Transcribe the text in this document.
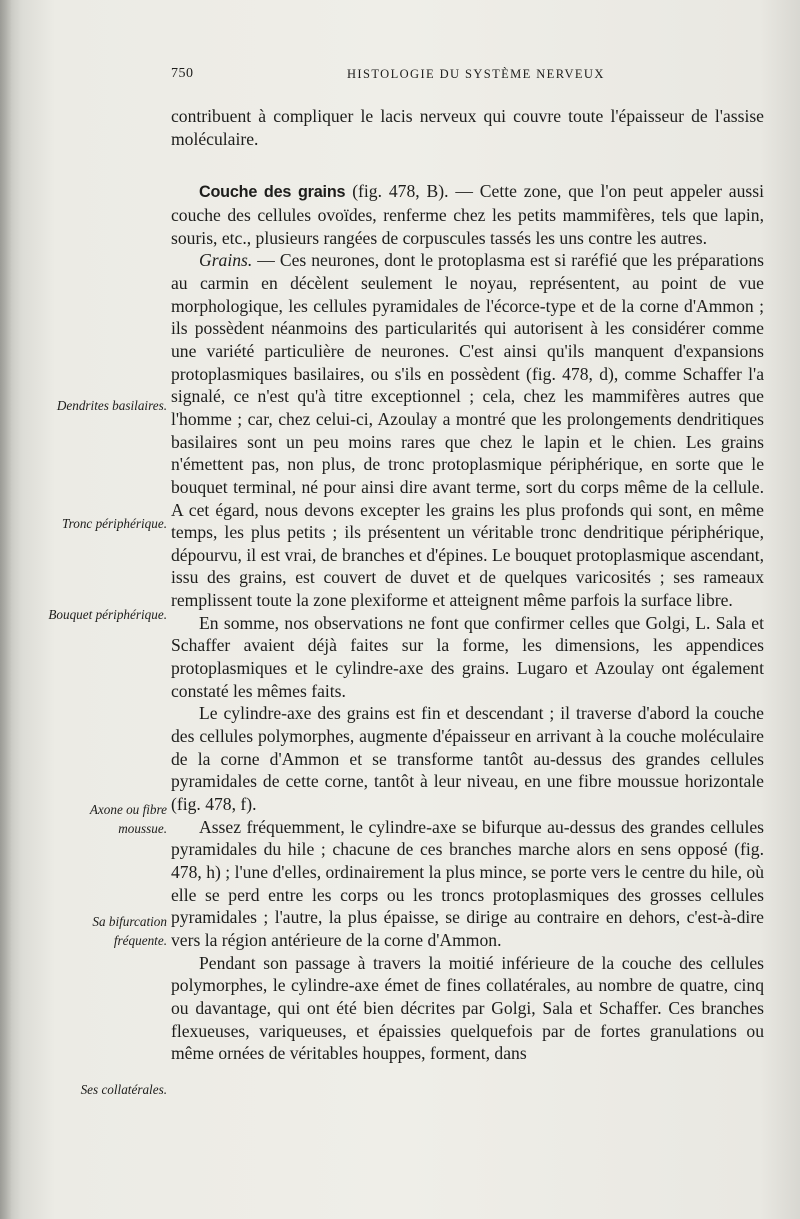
750	HISTOLOGIE DU SYSTÈME NERVEUX

contribuent à compliquer le lacis nerveux qui couvre toute l'épaisseur de l'assise moléculaire.

Couche des grains (fig. 478, B). — Cette zone, que l'on peut appeler aussi couche des cellules ovoïdes, renferme chez les petits mammifères, tels que lapin, souris, etc., plusieurs rangées de corpuscules tassés les uns contre les autres.

Grains. — Ces neurones, dont le protoplasma est si raréfié que les préparations au carmin en décèlent seulement le noyau, représentent, au point de vue morphologique, les cellules pyramidales de l'écorce-type et de la corne d'Ammon ; ils possèdent néanmoins des particularités qui autorisent à les considérer comme une variété particulière de neurones. C'est ainsi qu'ils manquent d'expansions protoplasmiques basilaires, ou s'ils en possèdent (fig. 478, d), comme Schaffer l'a signalé, ce n'est qu'à titre exceptionnel ; cela, chez les mammifères autres que l'homme ; car, chez celui-ci, Azoulay a montré que les prolongements dendritiques basilaires sont un peu moins rares que chez le lapin et le chien. Les grains n'émettent pas, non plus, de tronc protoplasmique périphérique, en sorte que le bouquet terminal, né pour ainsi dire avant terme, sort du corps même de la cellule. A cet égard, nous devons excepter les grains les plus profonds qui sont, en même temps, les plus petits ; ils présentent un véritable tronc dendritique périphérique, dépourvu, il est vrai, de branches et d'épines. Le bouquet protoplasmique ascendant, issu des grains, est couvert de duvet et de quelques varicosités ; ses rameaux remplissent toute la zone plexiforme et atteignent même parfois la surface libre.

En somme, nos observations ne font que confirmer celles que Golgi, L. Sala et Schaffer avaient déjà faites sur la forme, les dimensions, les appendices protoplasmiques et le cylindre-axe des grains. Lugaro et Azoulay ont également constaté les mêmes faits.

Le cylindre-axe des grains est fin et descendant ; il traverse d'abord la couche des cellules polymorphes, augmente d'épaisseur en arrivant à la couche moléculaire de la corne d'Ammon et se transforme tantôt au-dessus des grandes cellules pyramidales de cette corne, tantôt à leur niveau, en une fibre moussue horizontale (fig. 478, f).

Assez fréquemment, le cylindre-axe se bifurque au-dessus des grandes cellules pyramidales du hile ; chacune de ces branches marche alors en sens opposé (fig. 478, h) ; l'une d'elles, ordinairement la plus mince, se porte vers le centre du hile, où elle se perd entre les corps ou les troncs protoplasmiques des grosses cellules pyramidales ; l'autre, la plus épaisse, se dirige au contraire en dehors, c'est-à-dire vers la région antérieure de la corne d'Ammon.

Pendant son passage à travers la moitié inférieure de la couche des cellules polymorphes, le cylindre-axe émet de fines collatérales, au nombre de quatre, cinq ou davantage, qui ont été bien décrites par Golgi, Sala et Schaffer. Ces branches flexueuses, variqueuses, et épaissies quelquefois par de fortes granulations ou même ornées de véritables houppes, forment, dans

Dendrites basilaires.
Tronc périphérique.
Bouquet périphérique.
Axone ou fibre moussue.
Sa bifurcation fréquente.
Ses collatérales.
